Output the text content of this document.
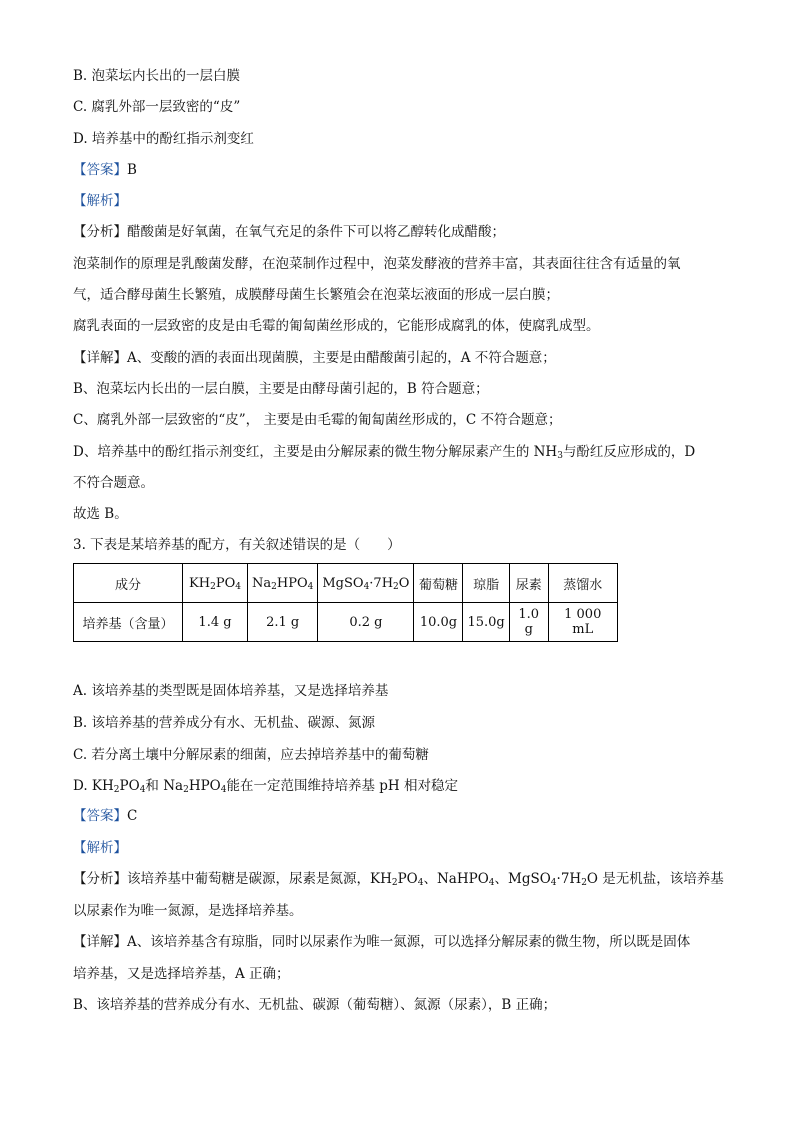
B. 泡菜坛内长出的一层白膜
C. 腐乳外部一层致密的“皮”
D. 培养基中的酚红指示剂变红
【答案】B
【解析】
【分析】醋酸菌是好氧菌，在氧气充足的条件下可以将乙醇转化成醋酸；
泡菜制作的原理是乳酸菌发酵，在泡菜制作过程中，泡菜发酵液的营养丰富，其表面往往含有适量的氧
气，适合酵母菌生长繁殖，成膜酵母菌生长繁殖会在泡菜坛液面的形成一层白膜；
腐乳表面的一层致密的皮是由毛霉的匍匐菌丝形成的，它能形成腐乳的体，使腐乳成型。
【详解】A、变酸的酒的表面出现菌膜，主要是由醋酸菌引起的，A 不符合题意；
B、泡菜坛内长出的一层白膜，主要是由酵母菌引起的，B 符合题意；
C、腐乳外部一层致密的“皮”， 主要是由毛霉的匍匐菌丝形成的，C 不符合题意；
D、培养基中的酚红指示剂变红，主要是由分解尿素的微生物分解尿素产生的 $NH_3$与酚红反应形成的，D
不符合题意。
故选 B。
3. 下表是某培养基的配方，有关叙述错误的是（　　）
成分	$KH_2PO_4$	$Na_2HPO_4$	$MgSO_4\cdot 7H_2O$	葡萄糖	琼脂	尿素	蒸馏水
培养基（含量）	1.4 g	2.1 g	0.2 g	10.0g	15.0g	1.0 g	1 000 mL
A. 该培养基的类型既是固体培养基，又是选择培养基
B. 该培养基的营养成分有水、无机盐、碳源、氮源
C. 若分离土壤中分解尿素的细菌，应去掉培养基中的葡萄糖
D. $KH_2PO_4$和 $Na_2HPO_4$能在一定范围维持培养基 pH 相对稳定
【答案】C
【解析】
【分析】该培养基中葡萄糖是碳源，尿素是氮源，$KH_2PO_4$、NaHPO$_4$、$MgSO_4\cdot 7H_2O$ 是无机盐，该培养基
以尿素作为唯一氮源，是选择培养基。
【详解】A、该培养基含有琼脂，同时以尿素作为唯一氮源，可以选择分解尿素的微生物，所以既是固体
培养基，又是选择培养基，A 正确；
B、该培养基的营养成分有水、无机盐、碳源（葡萄糖）、氮源（尿素），B 正确；
